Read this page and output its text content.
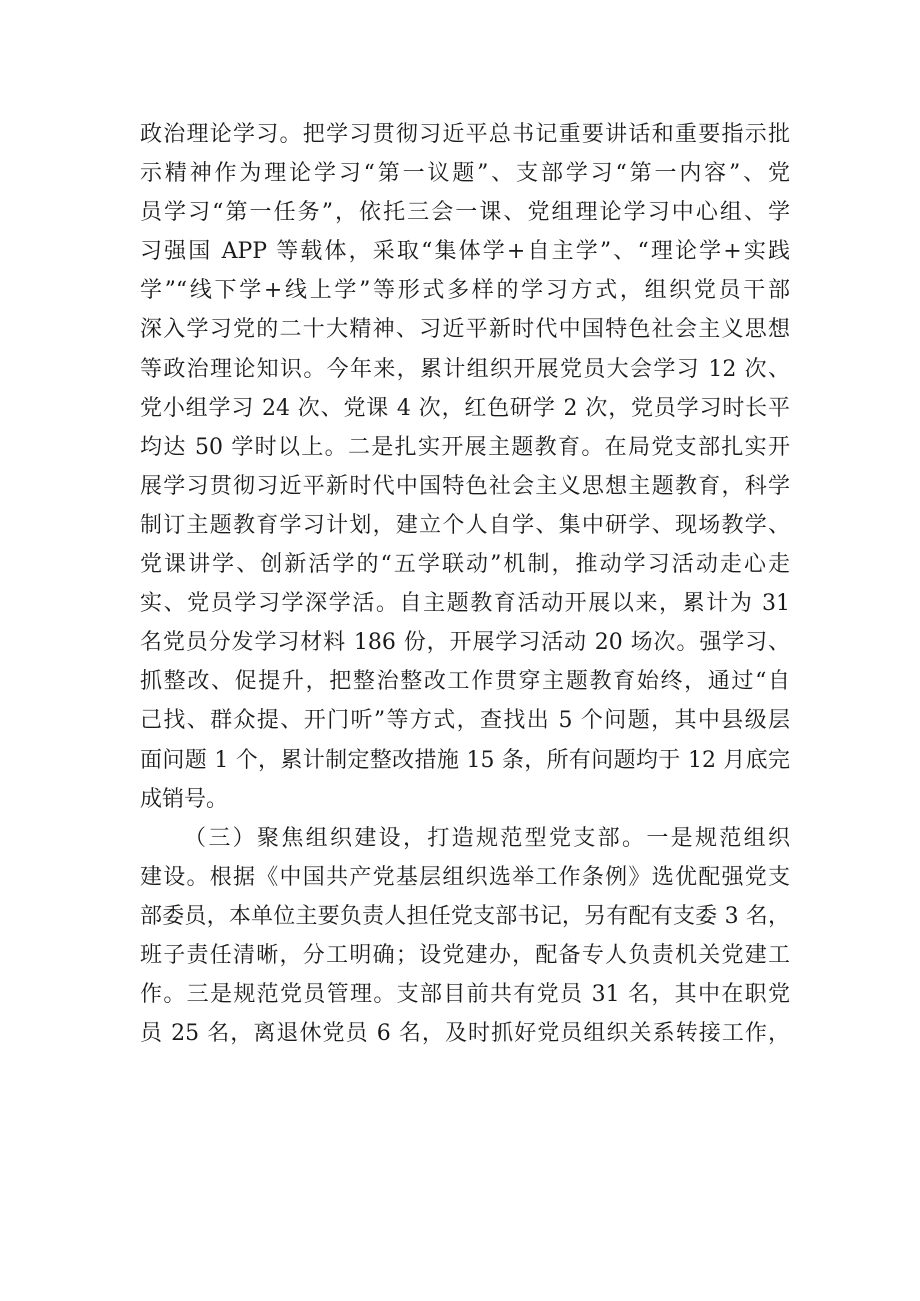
政治理论学习。把学习贯彻习近平总书记重要讲话和重要指示批
示精神作为理论学习“第一议题”、支部学习“第一内容”、党
员学习“第一任务”，依托三会一课、党组理论学习中心组、学
习强国 APP 等载体，采取“集体学+自主学”、“理论学+实践
学”“线下学+线上学”等形式多样的学习方式，组织党员干部
深入学习党的二十大精神、习近平新时代中国特色社会主义思想
等政治理论知识。今年来，累计组织开展党员大会学习 12 次、
党小组学习 24 次、党课 4 次，红色研学 2 次，党员学习时长平
均达 50 学时以上。二是扎实开展主题教育。在局党支部扎实开
展学习贯彻习近平新时代中国特色社会主义思想主题教育，科学
制订主题教育学习计划，建立个人自学、集中研学、现场教学、
党课讲学、创新活学的“五学联动”机制，推动学习活动走心走
实、党员学习学深学活。自主题教育活动开展以来，累计为 31
名党员分发学习材料 186 份，开展学习活动 20 场次。强学习、
抓整改、促提升，把整治整改工作贯穿主题教育始终，通过“自
己找、群众提、开门听”等方式，查找出 5 个问题，其中县级层
面问题 1 个，累计制定整改措施 15 条，所有问题均于 12 月底完
成销号。
（三）聚焦组织建设，打造规范型党支部。一是规范组织
建设。根据《中国共产党基层组织选举工作条例》选优配强党支
部委员，本单位主要负责人担任党支部书记，另有配有支委 3 名，
班子责任清晰，分工明确；设党建办，配备专人负责机关党建工
作。三是规范党员管理。支部目前共有党员 31 名，其中在职党
员 25 名，离退休党员 6 名，及时抓好党员组织关系转接工作，
